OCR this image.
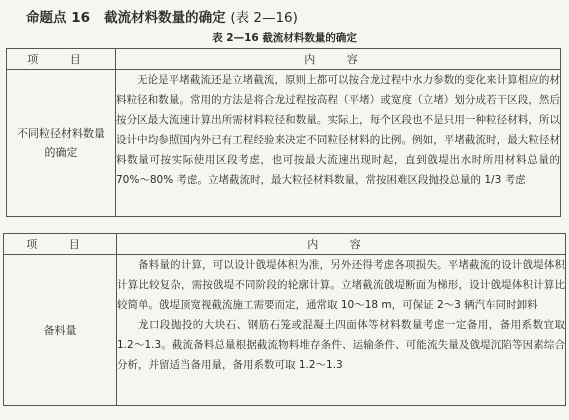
命题点 16 截流材料数量的确定 (表 2—16)
表 2—16 截流材料数量的确定
项 目	内 容

不同粒径材料数量的确定	无论是平堵截流还是立堵截流，原则上都可以按合龙过程中水力参数的变化来计算相应的材料粒径和数量。常用的方法是将合龙过程按高程（平堵）或宽度（立堵）划分成若干区段，然后按分区最大流速计算出所需材料粒径和数量。实际上，每个区段也不是只用一种粒径材料，所以设计中均参照国内外已有工程经验来决定不同粒径材料的比例。例如，平堵截流时，最大粒径材料数量可按实际使用区段考虑，也可按最大流速出现时起，直到戗堤出水时所用材料总量的 70%～80% 考虑。立堵截流时，最大粒径材料数量，常按困难区段抛投总量的 1/3 考虑

项 目	内 容
备料量	备料量的计算，可以设计戗堤体积为准，另外还得考虑各项损失。平堵截流的设计戗堤体积计算比较复杂，需按戗堤不同阶段的轮廓计算。立堵截流戗堤断面为梯形，设计戗堤体积计算比较简单。戗堤顶宽视截流施工需要而定，通常取 10～18 m，可保证 2～3 辆汽车同时卸料

龙口段抛投的大块石、钢筋石笼或混凝土四面体等材料数量考虑一定备用，备用系数宜取 1.2～1.3。截流备料总量根据截流物料堆存条件、运输条件、可能流失量及戗堤沉陷等因素综合分析，并留适当备用量，备用系数可取 1.2～1.3
